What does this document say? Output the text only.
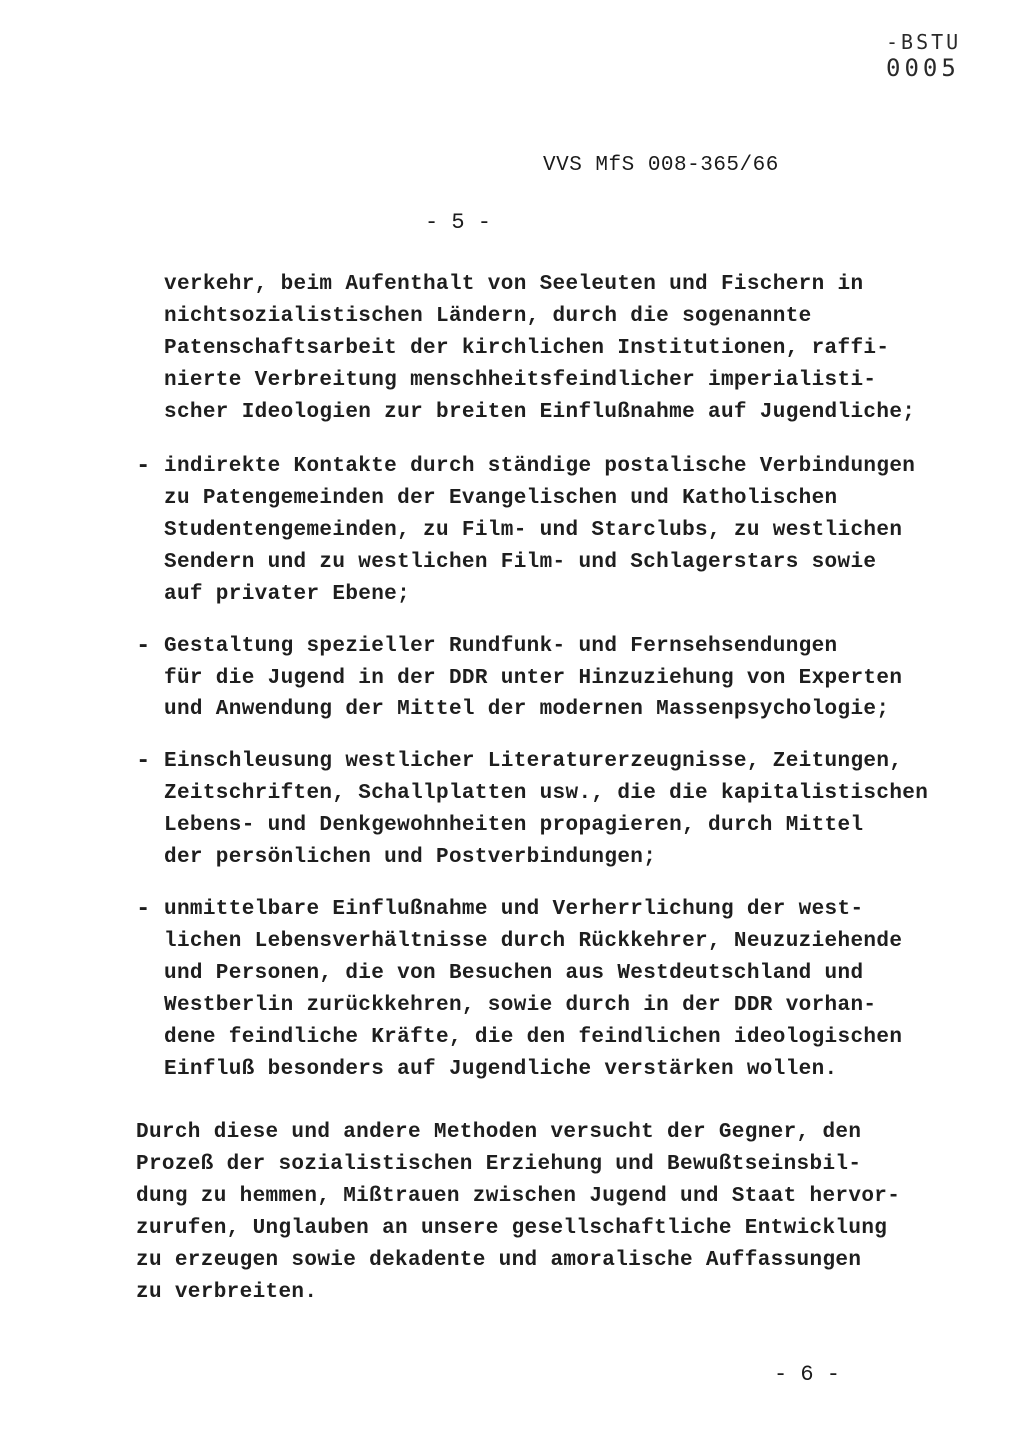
-BSTU
0005
VVS MfS 008-365/66
- 5 -
verkehr, beim Aufenthalt von Seeleuten und Fischern in
nichtsozialistischen Ländern, durch die sogenannte
Patenschaftsarbeit der kirchlichen Institutionen, raffi-
nierte Verbreitung menschheitsfeindlicher imperialisti-
scher Ideologien zur breiten Einflußnahme auf Jugendliche;
- indirekte Kontakte durch ständige postalische Verbindungen
zu Patengemeinden der Evangelischen und Katholischen
Studentengemeinden, zu Film- und Starclubs, zu westlichen
Sendern und zu westlichen Film- und Schlagerstars sowie
auf privater Ebene;
- Gestaltung spezieller Rundfunk- und Fernsehsendungen
für die Jugend in der DDR unter Hinzuziehung von Experten
und Anwendung der Mittel der modernen Massenpsychologie;
- Einschleusung westlicher Literaturerzeugnisse, Zeitungen,
Zeitschriften, Schallplatten usw., die die kapitalistischen
Lebens- und Denkgewohnheiten propagieren, durch Mittel
der persönlichen und Postverbindungen;
- unmittelbare Einflußnahme und Verherrlichung der west-
lichen Lebensverhältnisse durch Rückkehrer, Neuzuziehende
und Personen, die von Besuchen aus Westdeutschland und
Westberlin zurückkehren, sowie durch in der DDR vorhan-
dene feindliche Kräfte, die den feindlichen ideologischen
Einfluß besonders auf Jugendliche verstärken wollen.
Durch diese und andere Methoden versucht der Gegner, den
Prozeß der sozialistischen Erziehung und Bewußtseinsbil-
dung zu hemmen, Mißtrauen zwischen Jugend und Staat hervor-
zurufen, Unglauben an unsere gesellschaftliche Entwicklung
zu erzeugen sowie dekadente und amoralische Auffassungen
zu verbreiten.
- 6 -
